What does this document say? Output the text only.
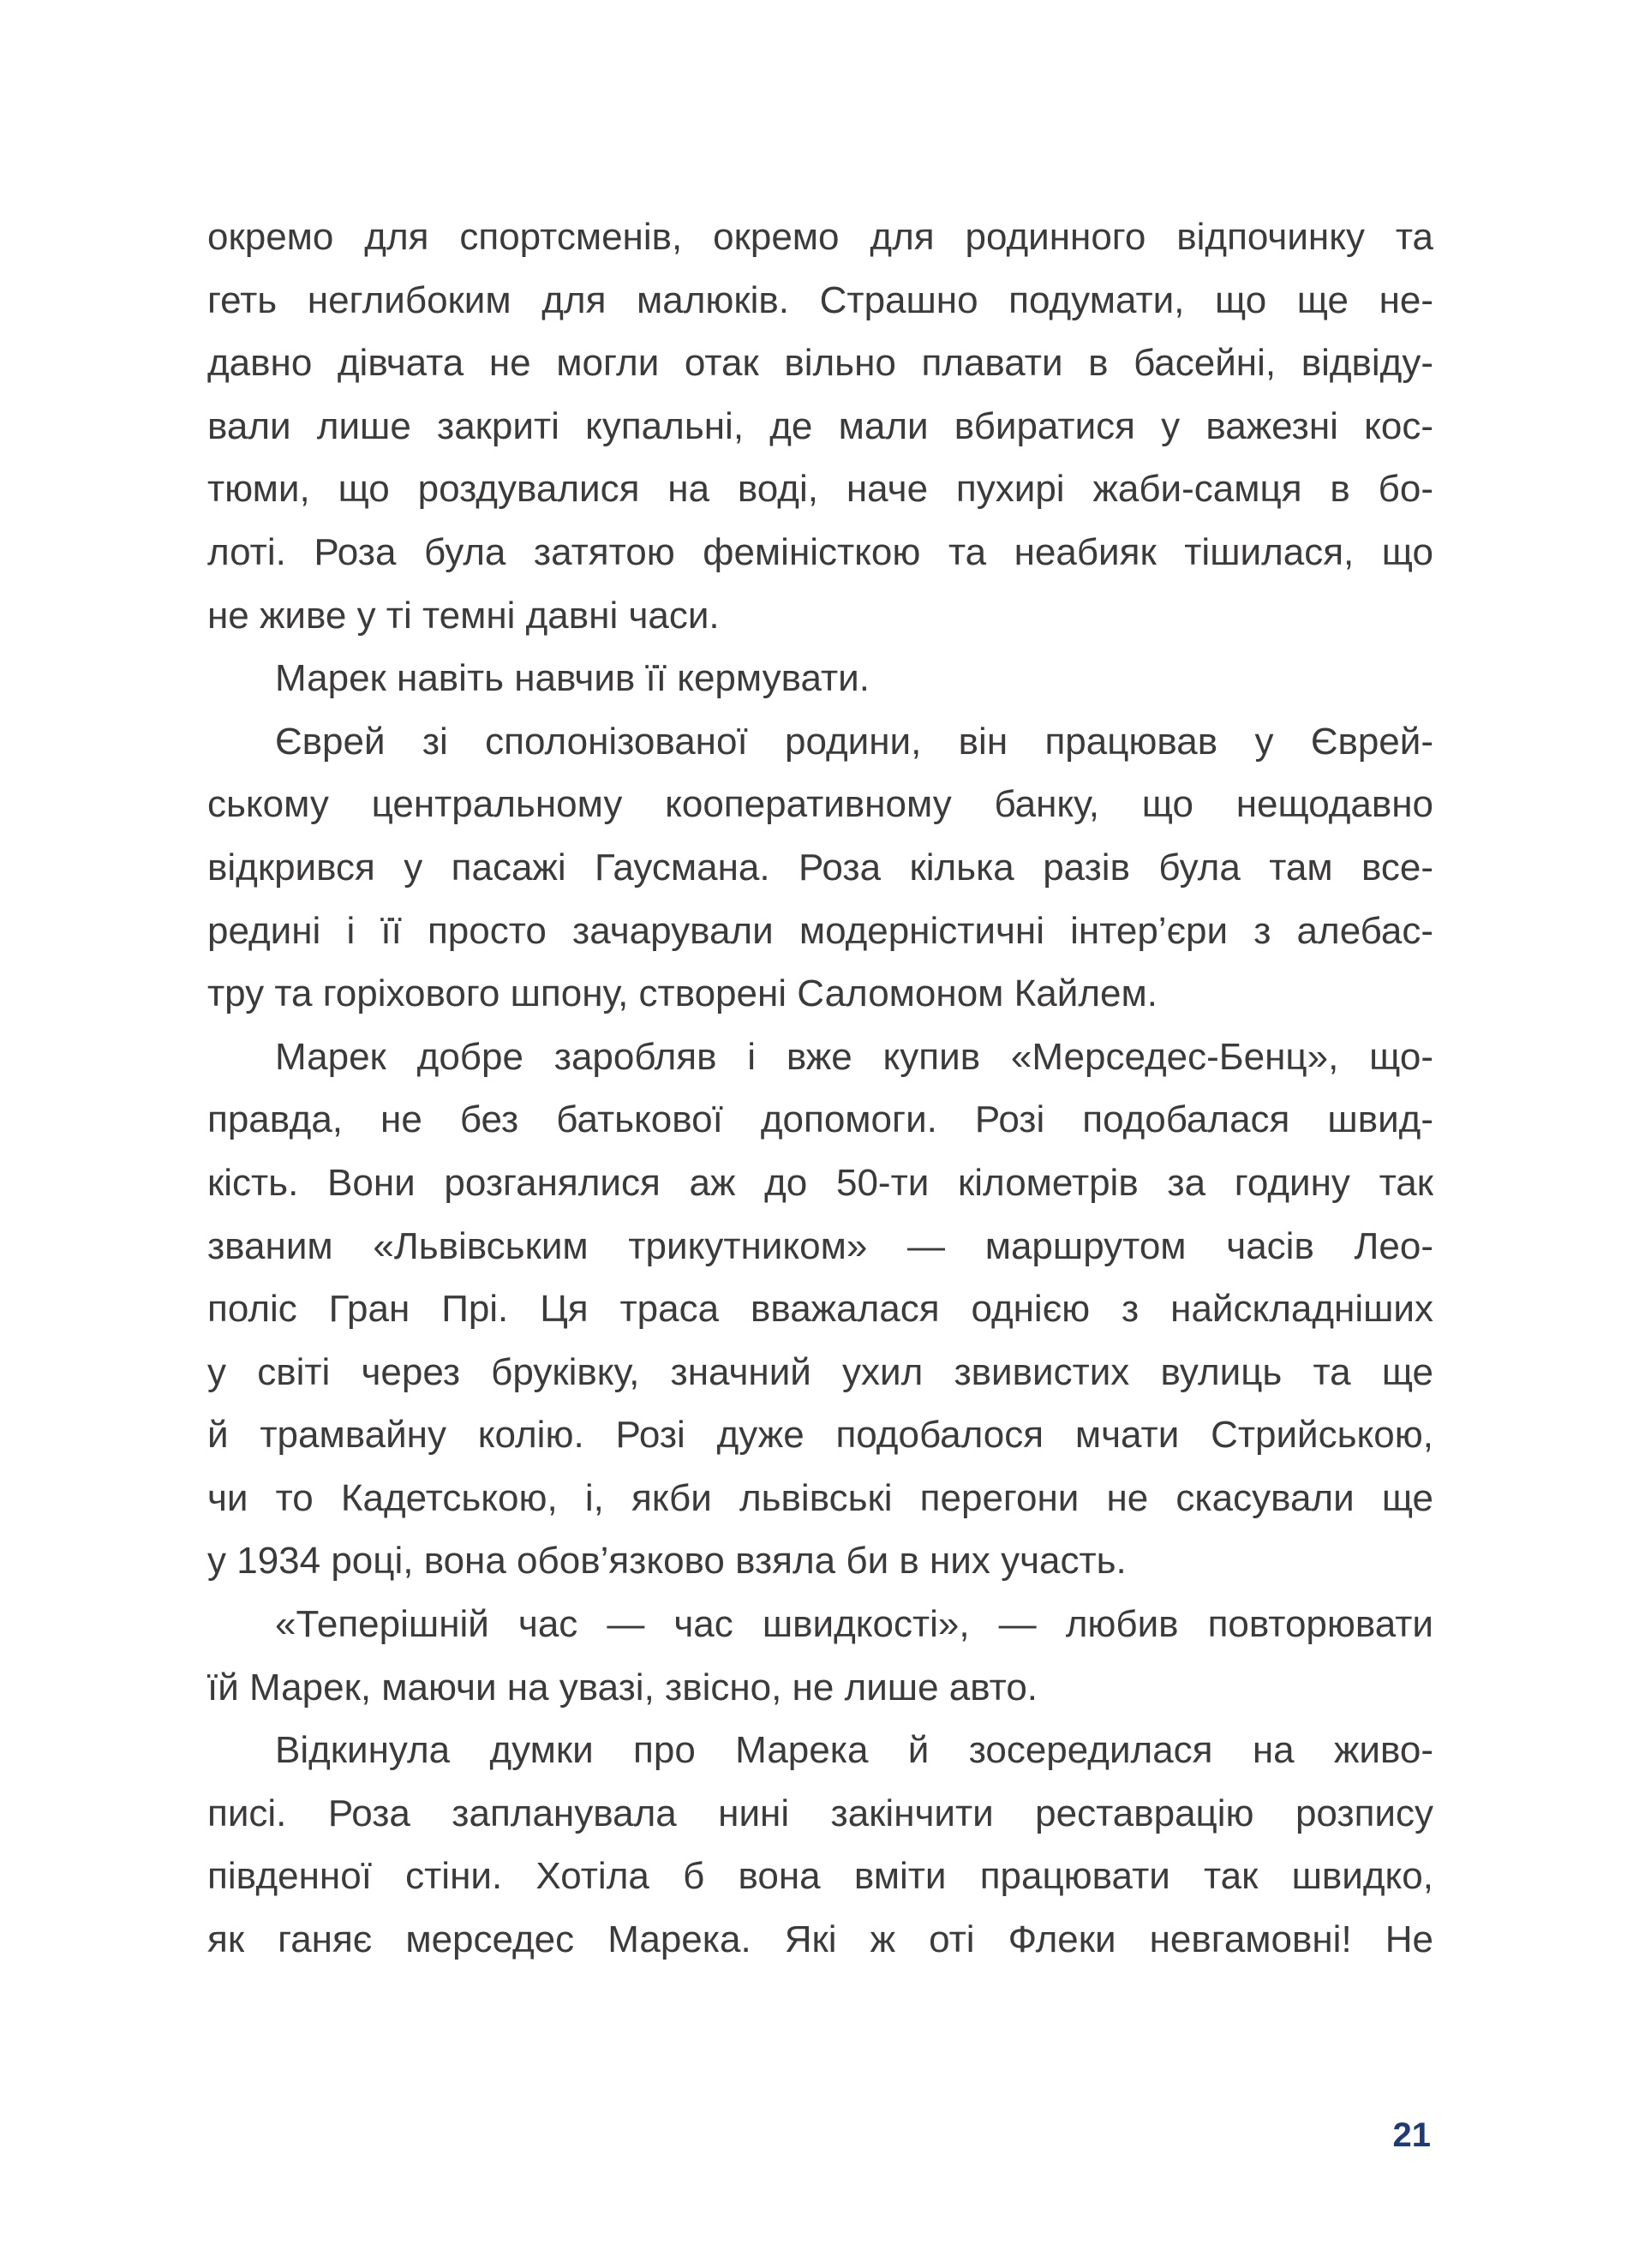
окремо для спортсменів, окремо для родинного відпочинку та
геть неглибоким для малюків. Страшно подумати, що ще не-
давно дівчата не могли отак вільно плавати в басейні, відвіду-
вали лише закриті купальні, де мали вбиратися у важезні кос-
тюми, що роздувалися на воді, наче пухирі жаби-самця в бо-
лоті. Роза була затятою феміністкою та неабияк тішилася, що
не живе у ті темні давні часи.
Марек навіть навчив її кермувати.
Єврей зі сполонізованої родини, він працював у Єврей-
ському центральному кооперативному банку, що нещодавно
відкрився у пасажі Гаусмана. Роза кілька разів була там все-
редині і її просто зачарували модерністичні інтер’єри з алебас-
тру та горіхового шпону, створені Саломоном Кайлем.
Марек добре заробляв і вже купив «Мерседес-Бенц», що-
правда, не без батькової допомоги. Розі подобалася швид-
кість. Вони розганялися аж до 50-ти кілометрів за годину так
званим «Львівським трикутником» — маршрутом часів Лео-
поліс Гран Прі. Ця траса вважалася однією з найскладніших
у світі через бруківку, значний ухил звивистих вулиць та ще
й трамвайну колію. Розі дуже подобалося мчати Стрийською,
чи то Кадетською, і, якби львівські перегони не скасували ще
у 1934 році, вона обов’язково взяла би в них участь.
«Теперішній час — час швидкості», — любив повторювати
їй Марек, маючи на увазі, звісно, не лише авто.
Відкинула думки про Марека й зосередилася на живо-
писі. Роза запланувала нині закінчити реставрацію розпису
південної стіни. Хотіла б вона вміти працювати так швидко,
як ганяє мерседес Марека. Які ж оті Флеки невгамовні! Не
21
